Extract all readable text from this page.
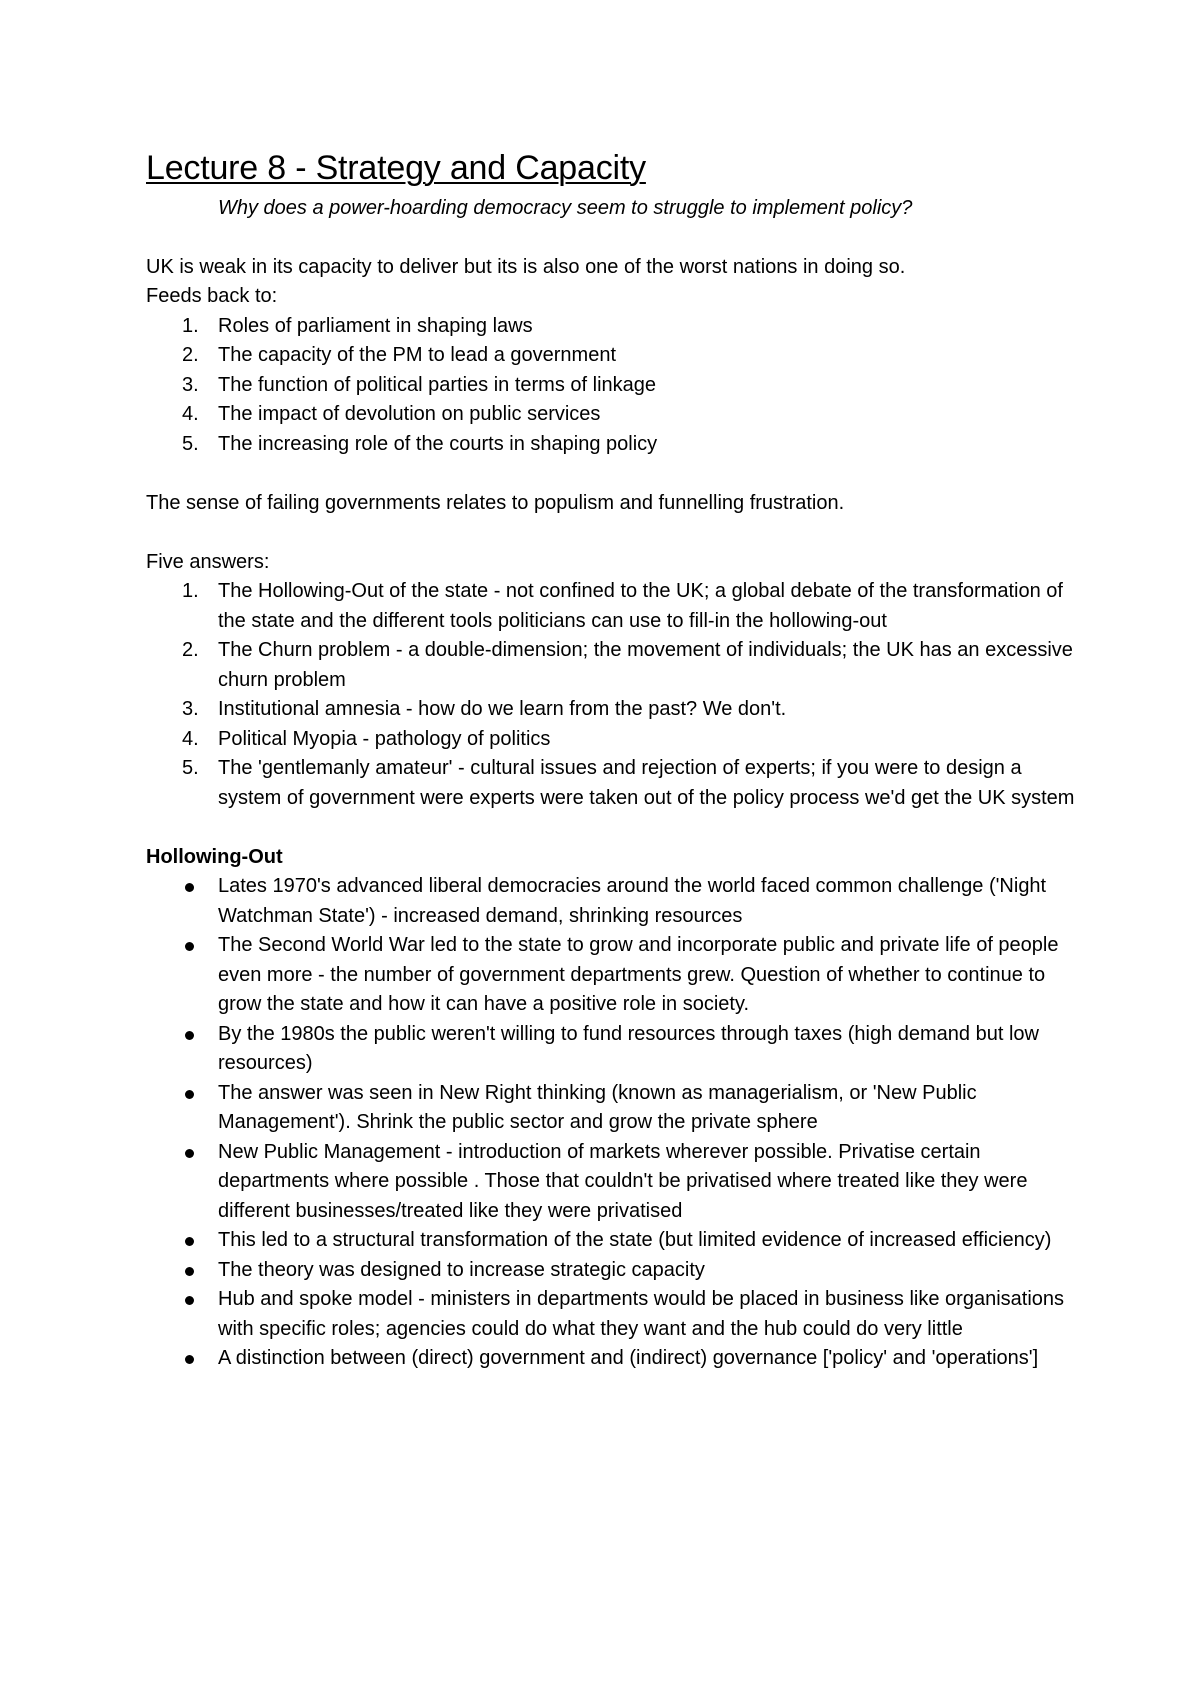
Lecture 8 - Strategy and Capacity
Why does a power-hoarding democracy seem to struggle to implement policy?

UK is weak in its capacity to deliver but its is also one of the worst nations in doing so.

Feeds back to:

Roles of parliament in shaping laws
The capacity of the PM to lead a government
The function of political parties in terms of linkage
The impact of devolution on public services
The increasing role of the courts in shaping policy

The sense of failing governments relates to populism and funnelling frustration.

Five answers:

The Hollowing-Out of the state - not confined to the UK; a global debate of the transformation of the state and the different tools politicians can use to fill-in the hollowing-out
The Churn problem - a double-dimension; the movement of individuals; the UK has an excessive churn problem
Institutional amnesia - how do we learn from the past? We don't.
Political Myopia - pathology of politics
The 'gentlemanly amateur' - cultural issues and rejection of experts; if you were to design a system of government were experts were taken out of the policy process we'd get the UK system

Hollowing-Out

Lates 1970's advanced liberal democracies around the world faced common challenge ('Night Watchman State') - increased demand, shrinking resources
The Second World War led to the state to grow and incorporate public and private life of people even more - the number of government departments grew. Question of whether to continue to grow the state and how it can have a positive role in society.
By the 1980s the public weren't willing to fund resources through taxes (high demand but low resources)
The answer was seen in New Right thinking (known as managerialism, or 'New Public Management'). Shrink the public sector and grow the private sphere
New Public Management - introduction of markets wherever possible. Privatise certain departments where possible . Those that couldn't be privatised where treated like they were different businesses/treated like they were privatised
This led to a structural transformation of the state (but limited evidence of increased efficiency)
The theory was designed to increase strategic capacity
Hub and spoke model - ministers in departments would be placed in business like organisations with specific roles; agencies could do what they want and the hub could do very little
A distinction between (direct) government and (indirect) governance ['policy' and 'operations']
